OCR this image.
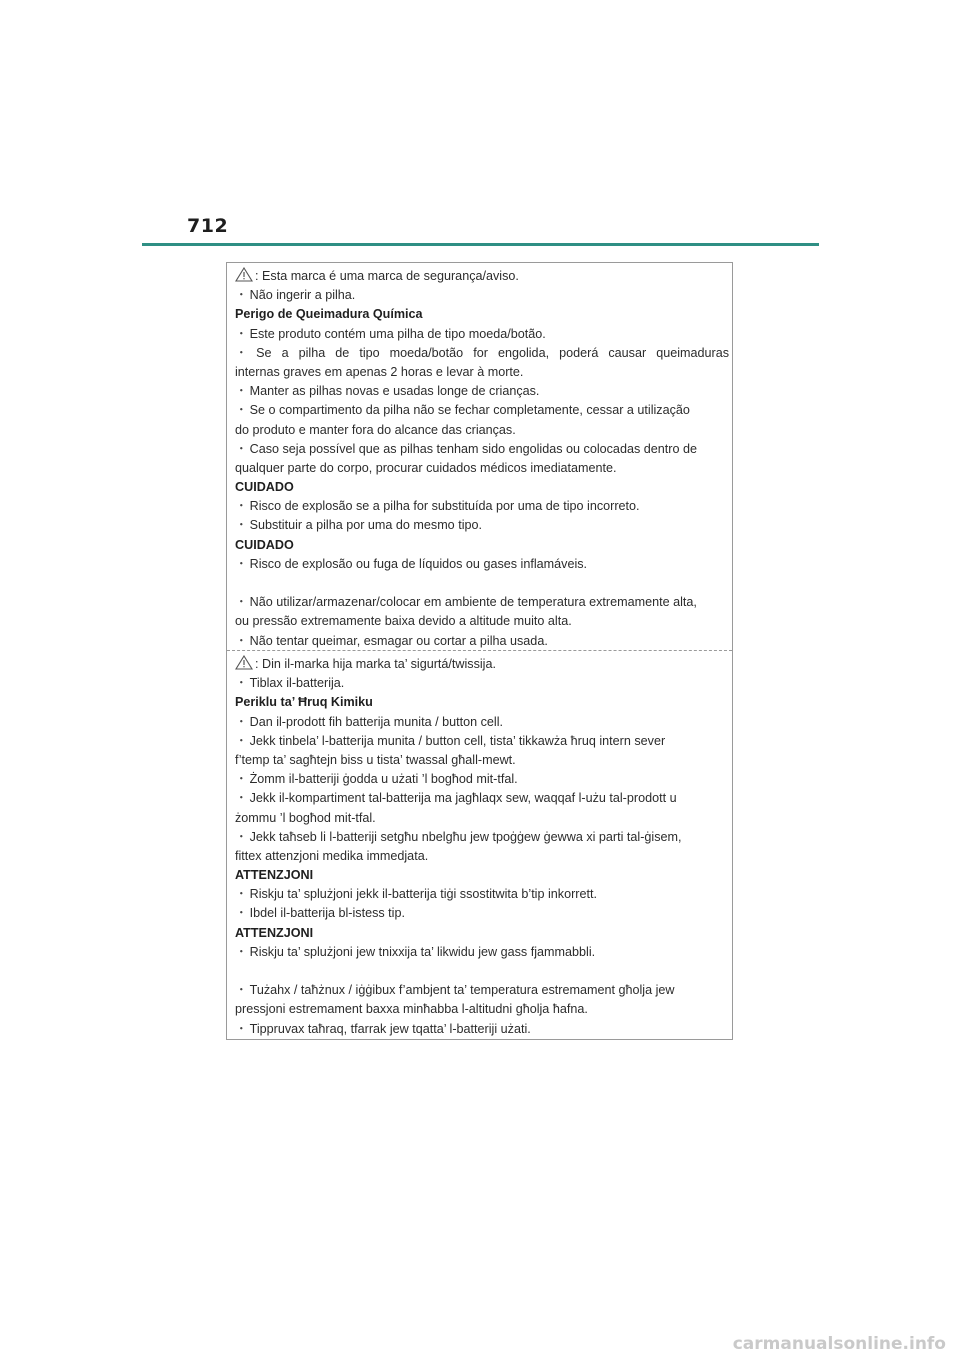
712
: Esta marca é uma marca de segurança/aviso.
・ Não ingerir a pilha.
Perigo de Queimadura Química
・ Este produto contém uma pilha de tipo moeda/botão.
・ Se a pilha de tipo moeda/botão for engolida, poderá causar queimaduras
internas graves em apenas 2 horas e levar à morte.
・ Manter as pilhas novas e usadas longe de crianças.
・ Se o compartimento da pilha não se fechar completamente, cessar a utilização
do produto e manter fora do alcance das crianças.
・ Caso seja possível que as pilhas tenham sido engolidas ou colocadas dentro de
qualquer parte do corpo, procurar cuidados médicos imediatamente.
CUIDADO
・ Risco de explosão se a pilha for substituída por uma de tipo incorreto.
・ Substituir a pilha por uma do mesmo tipo.
CUIDADO
・ Risco de explosão ou fuga de líquidos ou gases inflamáveis.
・ Não utilizar/armazenar/colocar em ambiente de temperatura extremamente alta,
ou pressão extremamente baixa devido a altitude muito alta.
・ Não tentar queimar, esmagar ou cortar a pilha usada.
: Din il-marka hija marka ta’ sigurtá/twissija.
・ Tiblax il-batterija.
Periklu ta’ Ħruq Kimiku
・ Dan il-prodott fih batterija munita / button cell.
・ Jekk tinbela’ l-batterija munita / button cell, tista’ tikkawża ħruq intern sever
f’temp ta’ sagħtejn biss u tista’ twassal għall-mewt.
・ Żomm il-batteriji ġodda u użati ’l bogħod mit-tfal.
・ Jekk il-kompartiment tal-batterija ma jagħlaqx sew, waqqaf l-użu tal-prodott u
żommu ’l bogħod mit-tfal.
・ Jekk taħseb li l-batteriji setgħu nbelgħu jew tpoġġew ġewwa xi parti tal-ġisem,
fittex attenzjoni medika immedjata.
ATTENZJONI
・ Riskju ta’ splużjoni jekk il-batterija tiġi ssostitwita b’tip inkorrett.
・ Ibdel il-batterija bl-istess tip.
ATTENZJONI
・ Riskju ta’ splużjoni jew tnixxija ta’ likwidu jew gass fjammabbli.
・ Tużahx / taħżnux / iġġibux f’ambjent ta’ temperatura estremament għolja jew
pressjoni estremament baxxa minħabba l-altitudni għolja ħafna.
・ Tippruvax taħraq, tfarrak jew tqatta’ l-batteriji użati.
carmanualsonline.info
